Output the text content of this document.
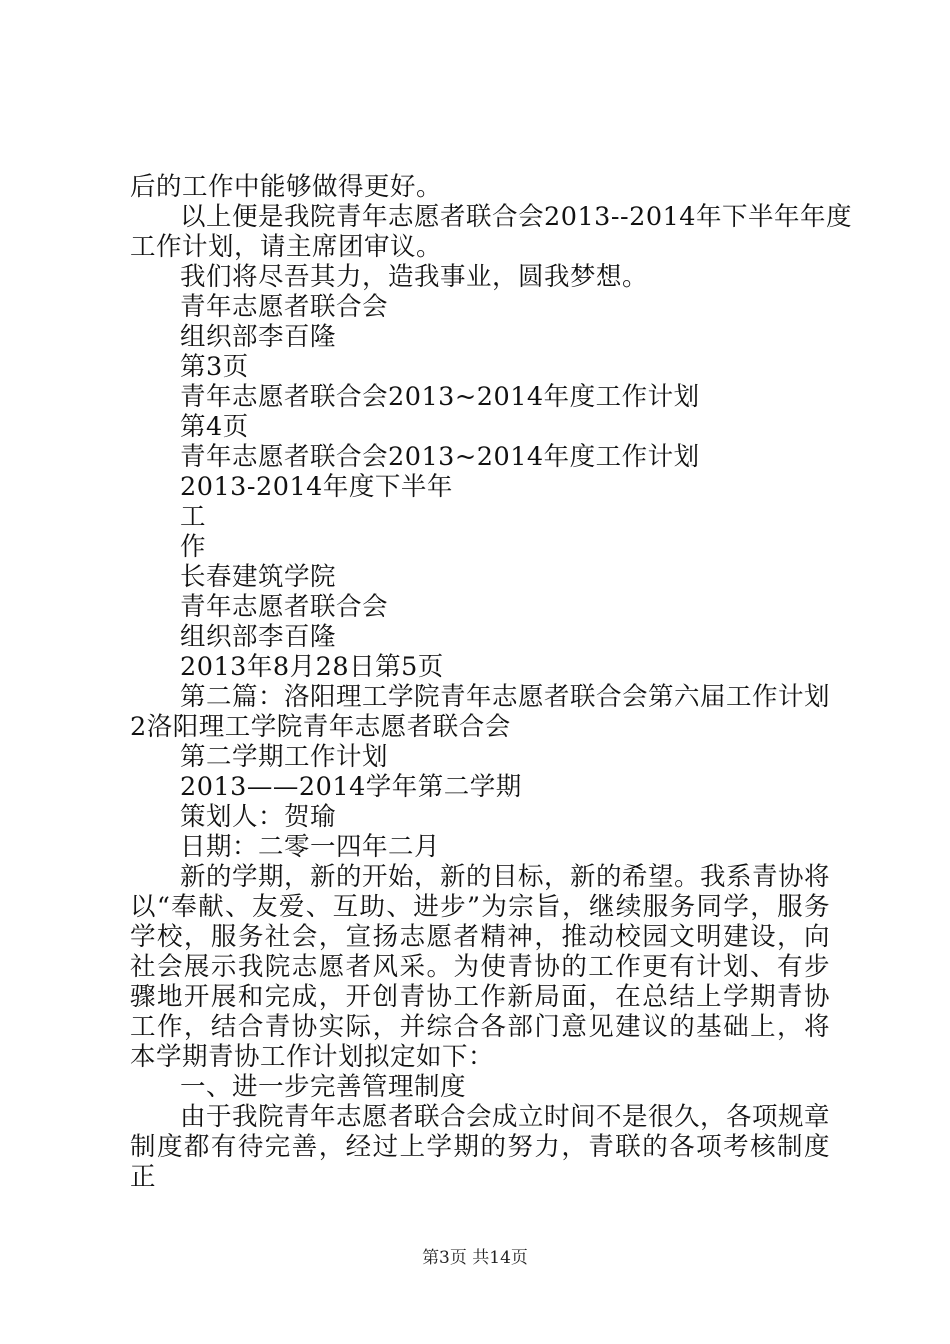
后的工作中能够做得更好。
以上便是我院青年志愿者联合会2013--2014年下半年年度
工作计划，请主席团审议。
我们将尽吾其力，造我事业，圆我梦想。
青年志愿者联合会
组织部李百隆
第3页
青年志愿者联合会2013~2014年度工作计划
第4页
青年志愿者联合会2013~2014年度工作计划
2013-2014年度下半年
工
作
长春建筑学院
青年志愿者联合会
组织部李百隆
2013年8月28日第5页
第二篇：洛阳理工学院青年志愿者联合会第六届工作计划
2洛阳理工学院青年志愿者联合会
第二学期工作计划
2013——2014学年第二学期
策划人：贺瑜
日期：二零一四年二月
新的学期，新的开始，新的目标，新的希望。我系青协将以“奉献、友爱、互助、进步”为宗旨，继续服务同学，服务学校，服务社会，宣扬志愿者精神，推动校园文明建设，向社会展示我院志愿者风采。为使青协的工作更有计划、有步骤地开展和完成，开创青协工作新局面，在总结上学期青协工作，结合青协实际，并综合各部门意见建议的基础上，将本学期青协工作计划拟定如下：
一、进一步完善管理制度
由于我院青年志愿者联合会成立时间不是很久，各项规章制度都有待完善，经过上学期的努力，青联的各项考核制度正
第3页 共14页
